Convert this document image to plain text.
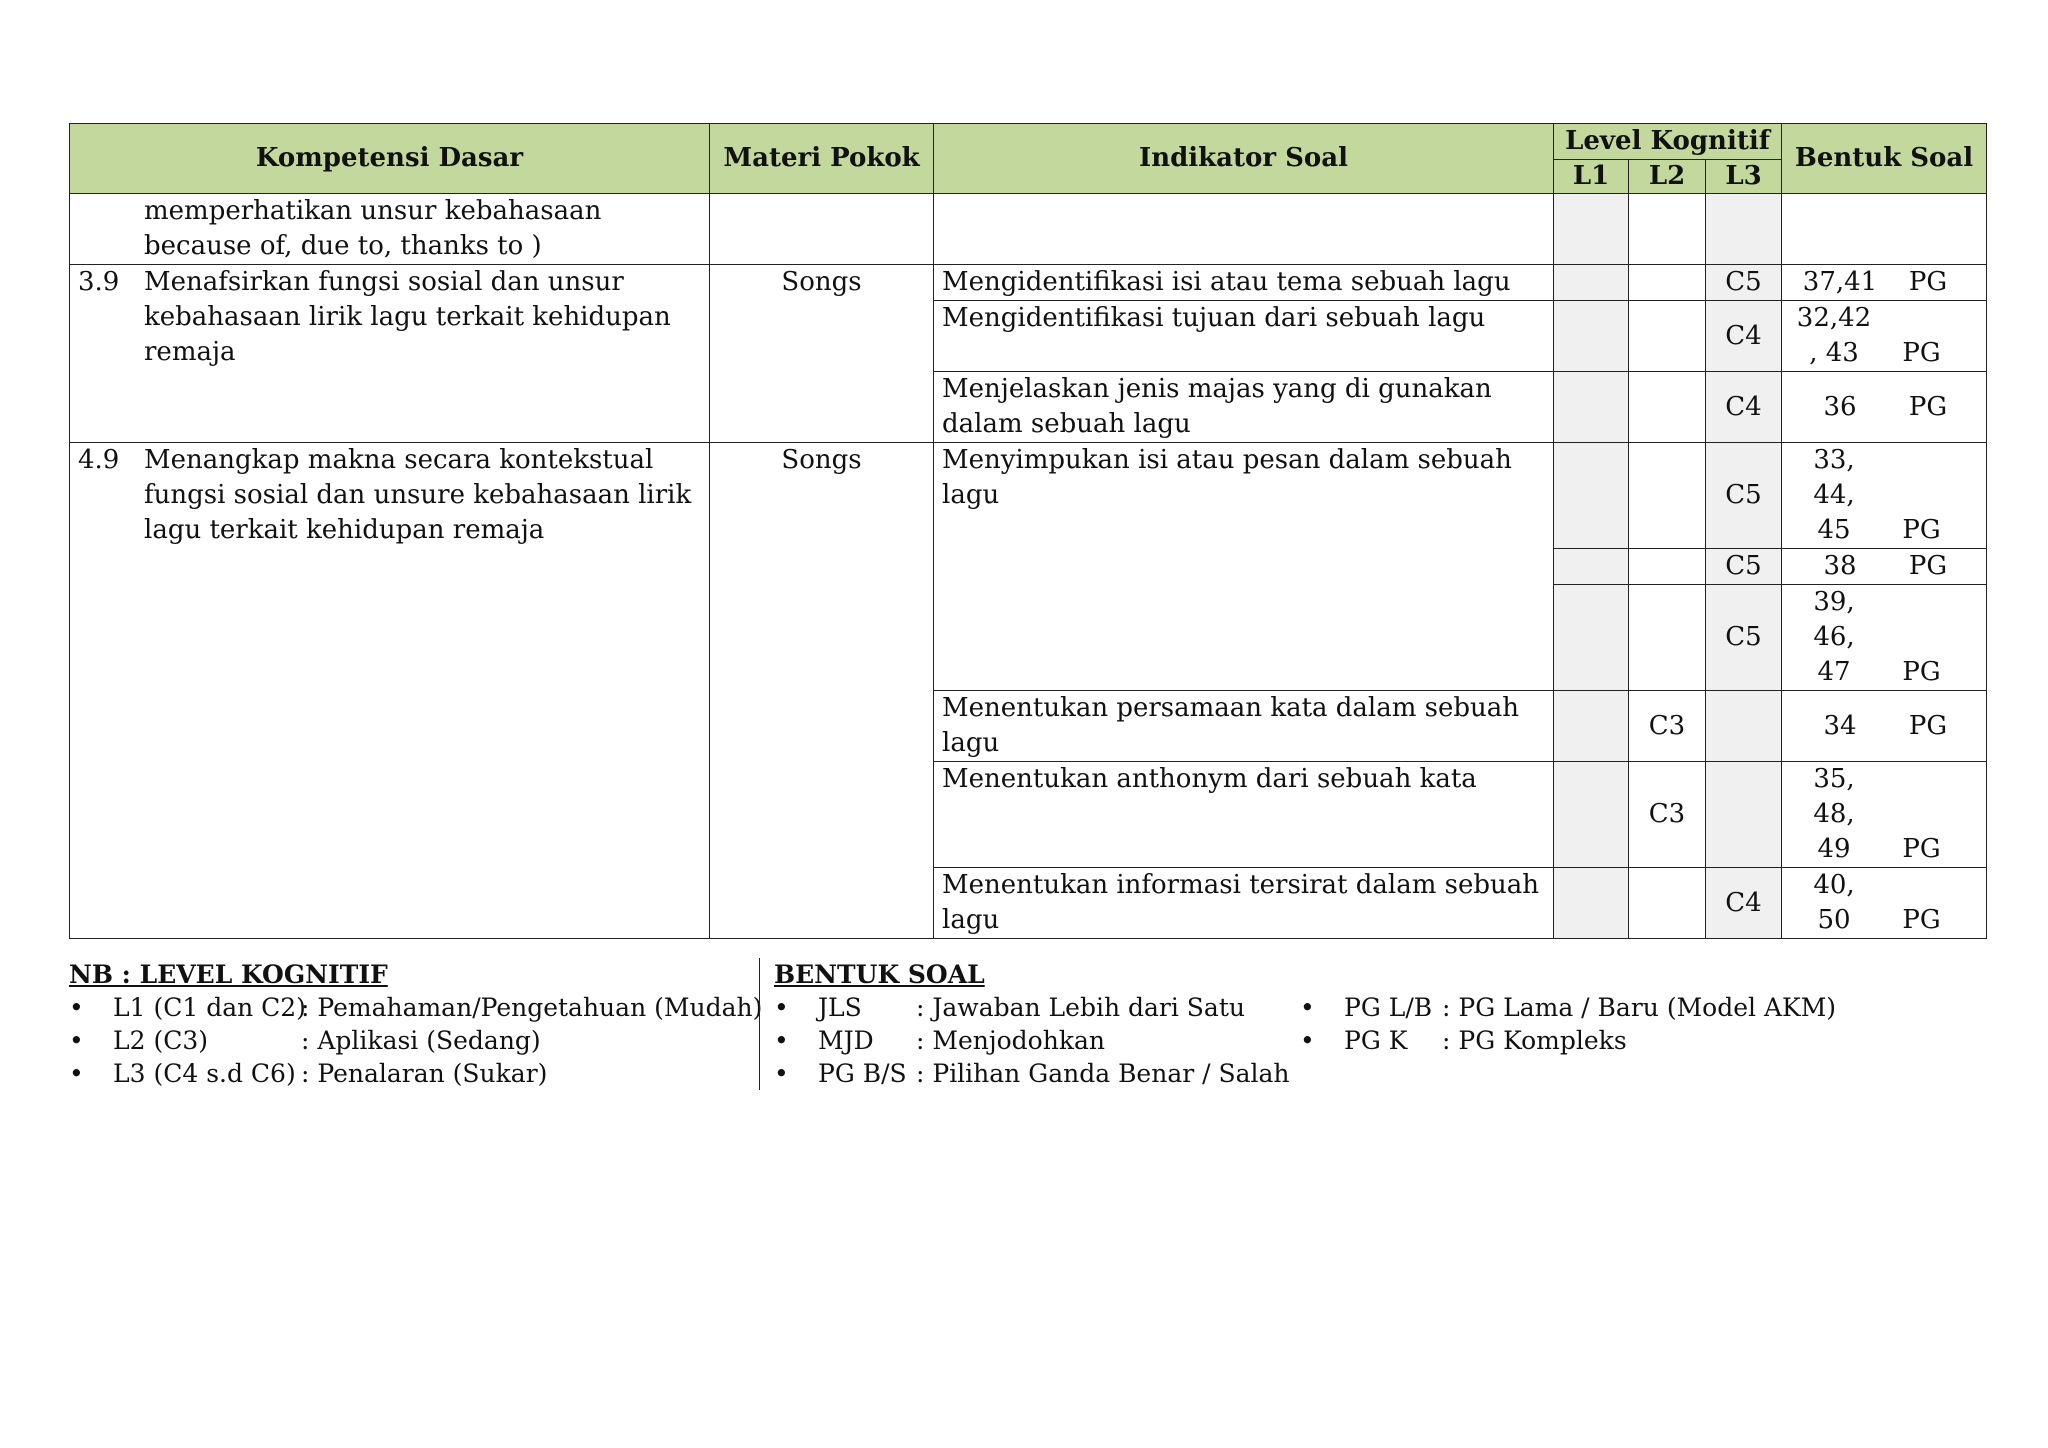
Kompetensi Dasar	Materi Pokok	Indikator Soal	Level Kognitif			Bentuk Soal
			L1	L2	L3	
memperhatikan unsur kebahasaan because of, due to, thanks to )						
3.9 Menafsirkan fungsi sosial dan unsur kebahasaan lirik lagu terkait kehidupan remaja	Songs	Mengidentifikasi isi atau tema sebuah lagu			C5	37,41 PG
		Mengidentifikasi tujuan dari sebuah lagu			C4	32,42 , 43 PG
		Menjelaskan jenis majas yang di gunakan dalam sebuah lagu			C4	36 PG
4.9 Menangkap makna secara kontekstual fungsi sosial dan unsure kebahasaan lirik lagu terkait kehidupan remaja	Songs	Menyimpukan isi atau pesan dalam sebuah lagu			C5	33, 44, 45 PG
					C5	38 PG
					C5	39, 46, 47 PG
		Menentukan persamaan kata dalam sebuah lagu		C3		34 PG
		Menentukan anthonym dari sebuah kata		C3		35, 48, 49 PG
		Menentukan informasi tersirat dalam sebuah lagu			C4	40, 50 PG
NB : LEVEL KOGNITIF
• L1 (C1 dan C2)
: Pemahaman/Pengetahuan (Mudah)
• L2 (C3)	: Aplikasi (Sedang)
• L3 (C4 s.d C6) : Penalaran (Sukar)
BENTUK SOAL
• JLS : Jawaban Lebih dari Satu • PG L/B : PG Lama / Baru (Model AKM)
• MJD : Menjodohkan	• PG K : PG Kompleks
• PG B/S : Pilihan Ganda Benar / Salah
